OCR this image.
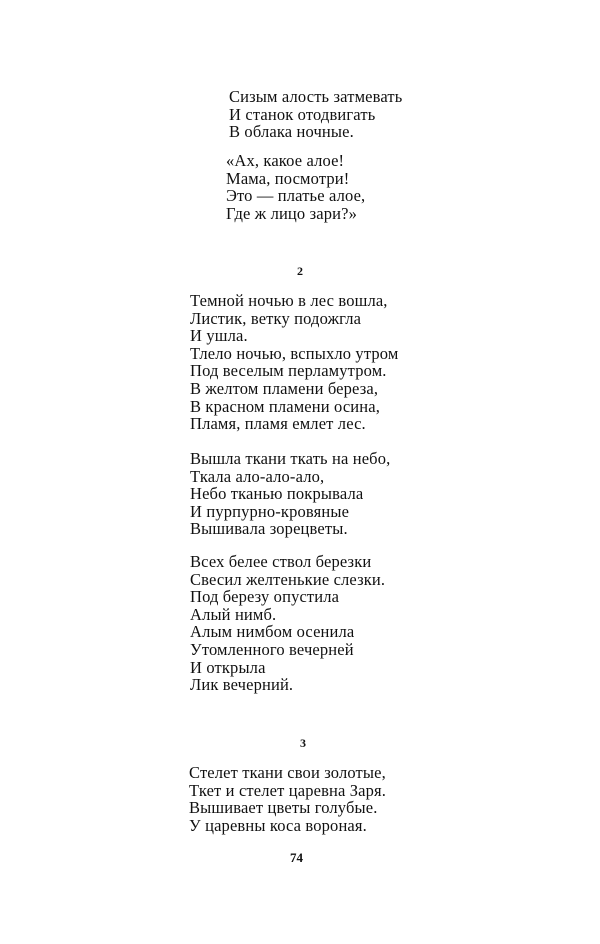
Сизым алость затмевать
И станок отодвигать
В облака ночные.
«Ах, какое алое!
Мама, посмотри!
Это — платье алое,
Где ж лицо зари?»
2
Темной ночью в лес вошла,
Листик, ветку подожгла
И ушла.
Тлело ночью, вспыхло утром
Под веселым перламутром.
В желтом пламени береза,
В красном пламени осина,
Пламя, пламя емлет лес.
Вышла ткани ткать на небо,
Ткала ало-ало-ало,
Небо тканью покрывала
И пурпурно-кровяные
Вышивала зорецветы.
Всех белее ствол березки
Свесил желтенькие слезки.
Под березу опустила
Алый нимб.
Алым нимбом осенила
Утомленного вечерней
И открыла
Лик вечерний.
3
Стелет ткани свои золотые,
Ткет и стелет царевна Заря.
Вышивает цветы голубые.
У царевны коса вороная.
74
